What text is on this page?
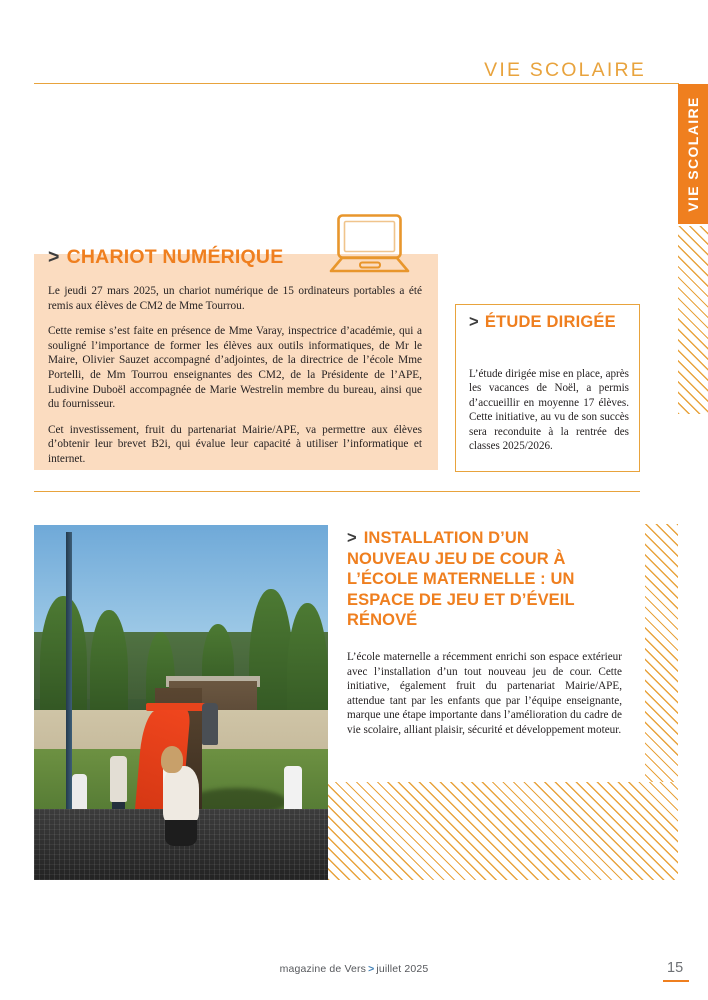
VIE SCOLAIRE
VIE SCOLAIRE
> CHARIOT NUMÉRIQUE

Le jeudi 27 mars 2025, un chariot numérique de 15 ordinateurs portables a été remis aux élèves de CM2 de Mme Tourrou.

Cette remise s’est faite en présence de Mme Varay, inspectrice d’académie, qui a souligné l’importance de former les élèves aux outils informatiques, de Mr le Maire, Olivier Sauzet accompagné d’adjointes, de la directrice de l’école Mme Portelli, de Mm Tourrou enseignantes des CM2, de la Présidente de l’APE, Ludivine Duboël accompagnée de Marie Westrelin membre du bureau, ainsi que du fournisseur.

Cet investissement, fruit du partenariat Mairie/APE, va permettre aux élèves d’obtenir leur brevet B2i, qui évalue leur capacité à utiliser l’informatique et internet.

> ÉTUDE DIRIGÉE
L’étude dirigée mise en place, après les vacances de Noël, a permis d’accueillir en moyenne 17 élèves. Cette initiative, au vu de son succès sera reconduite à la rentrée des classes 2025/2026.
> INSTALLATION D’UN NOUVEAU JEU DE COUR À L’ÉCOLE MATERNELLE : UN ESPACE DE JEU ET D’ÉVEIL RÉNOVÉ
L’école maternelle a récemment enrichi son espace extérieur avec l’installation d’un tout nouveau jeu de cour. Cette initiative, également fruit du partenariat Mairie/APE, attendue tant par les enfants que par l’équipe enseignante, marque une étape importante dans l’amélioration du cadre de vie scolaire, alliant plaisir, sécurité et développement moteur.
magazine de Vers > juillet 2025	15
